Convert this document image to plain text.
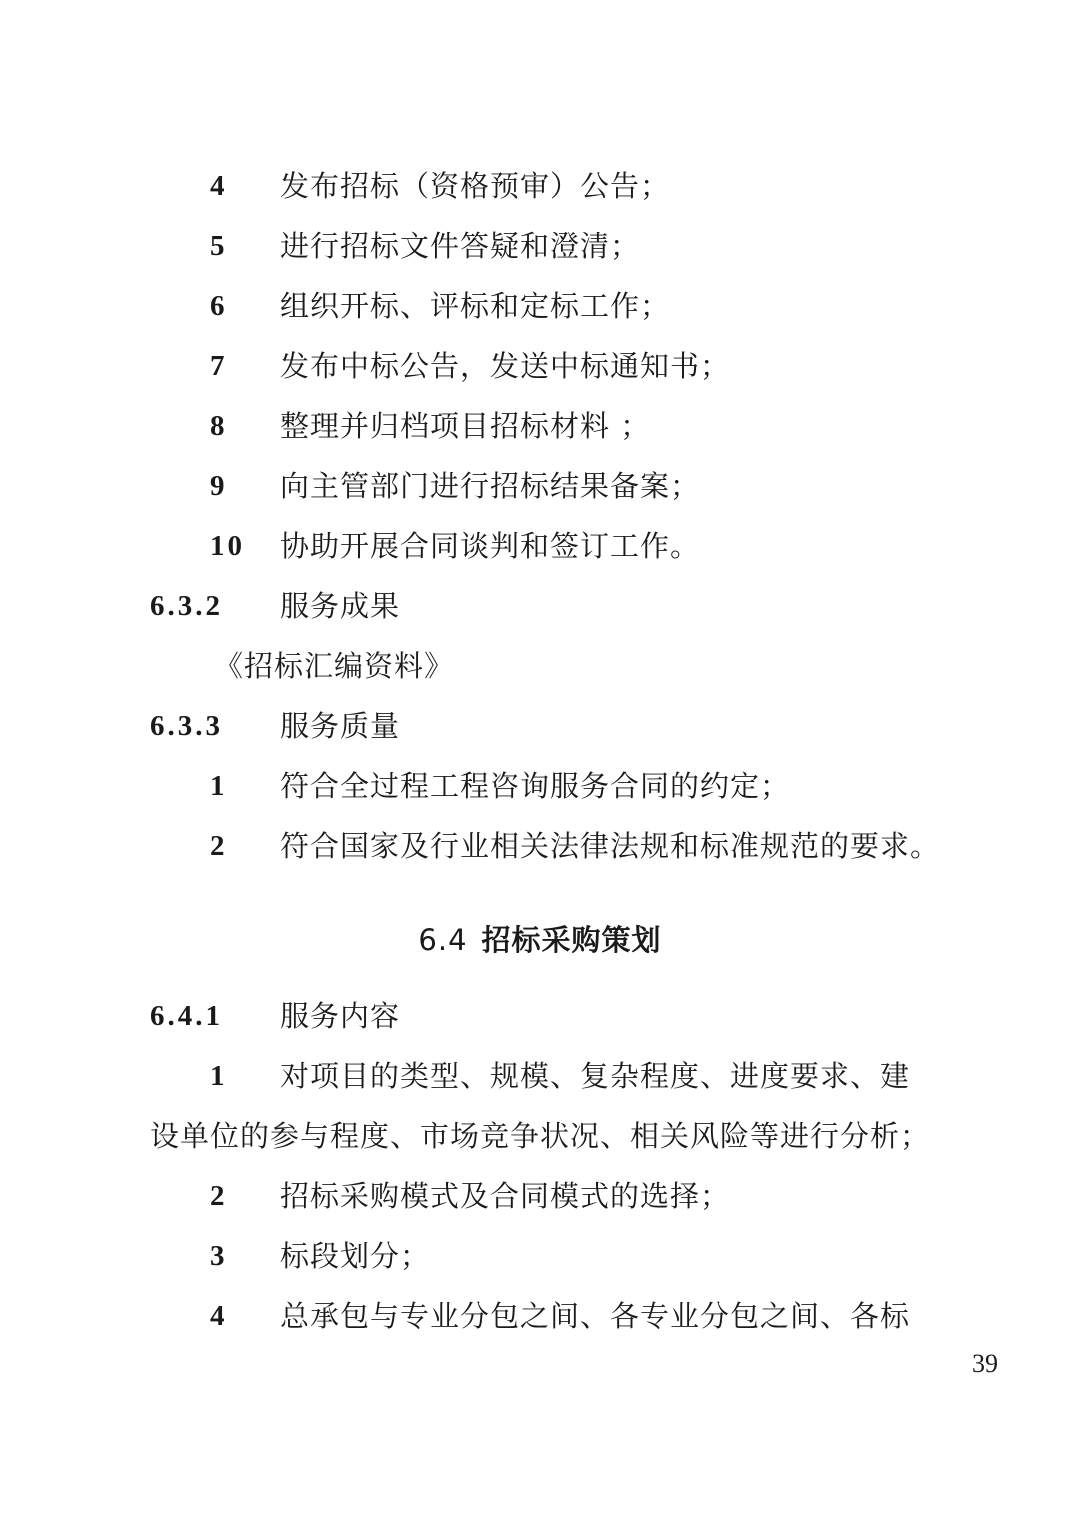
4 发布招标（资格预审）公告；
5 进行招标文件答疑和澄清；
6 组织开标、评标和定标工作；
7 发布中标公告，发送中标通知书；
8 整理并归档项目招标材料 ；
9 向主管部门进行招标结果备案；
10 协助开展合同谈判和签订工作。
6.3.2 服务成果
《招标汇编资料》
6.3.3 服务质量
1 符合全过程工程咨询服务合同的约定；
2 符合国家及行业相关法律法规和标准规范的要求。
6.4 招标采购策划
6.4.1 服务内容
1 对项目的类型、规模、复杂程度、进度要求、建
设单位的参与程度、市场竞争状况、相关风险等进行分析；
2 招标采购模式及合同模式的选择；
3 标段划分；
4 总承包与专业分包之间、各专业分包之间、各标
39
